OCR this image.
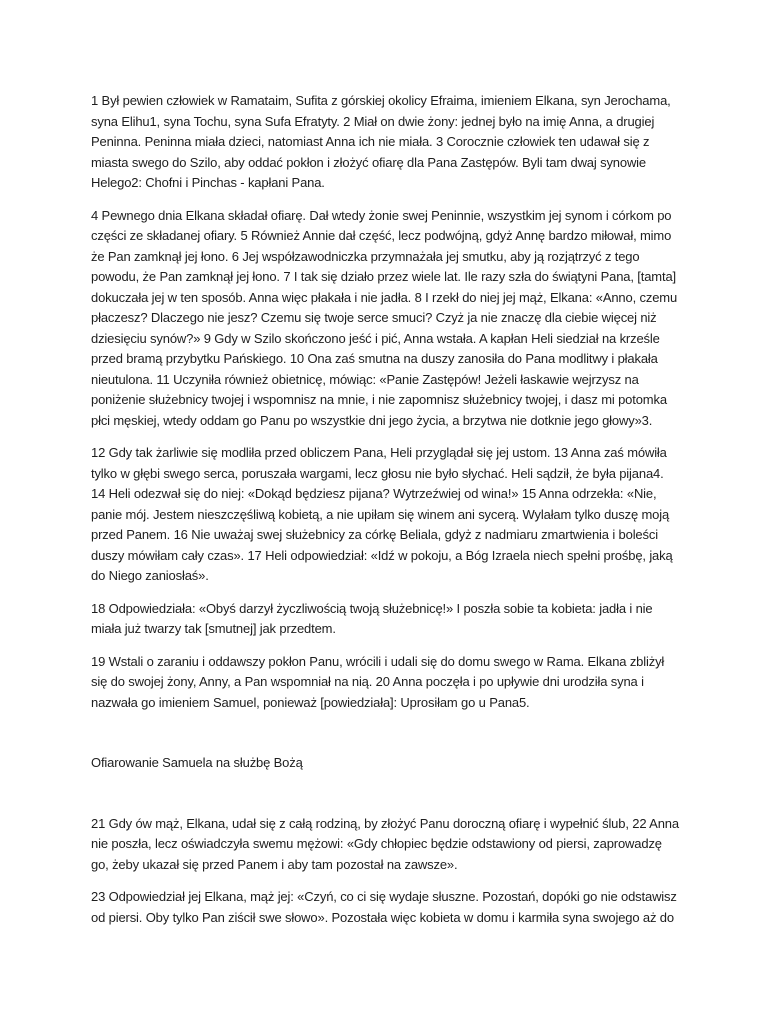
1 Był pewien człowiek w Ramataim, Sufita z górskiej okolicy Efraima, imieniem Elkana, syn Jerochama, syna Elihu1, syna Tochu, syna Sufa Efratyty. 2 Miał on dwie żony: jednej było na imię Anna, a drugiej Peninna. Peninna miała dzieci, natomiast Anna ich nie miała. 3 Corocznie człowiek ten udawał się z miasta swego do Szilo, aby oddać pokłon i złożyć ofiarę dla Pana Zastępów. Byli tam dwaj synowie Helego2: Chofni i Pinchas - kapłani Pana.

4 Pewnego dnia Elkana składał ofiarę. Dał wtedy żonie swej Peninnie, wszystkim jej synom i córkom po części ze składanej ofiary. 5 Również Annie dał część, lecz podwójną, gdyż Annę bardzo miłował, mimo że Pan zamknął jej łono. 6 Jej współzawodniczka przymnażała jej smutku, aby ją rozjątrzyć z tego powodu, że Pan zamknął jej łono. 7 I tak się działo przez wiele lat. Ile razy szła do świątyni Pana, [tamta] dokuczała jej w ten sposób. Anna więc płakała i nie jadła. 8 I rzekł do niej jej mąż, Elkana: «Anno, czemu płaczesz? Dlaczego nie jesz? Czemu się twoje serce smuci? Czyż ja nie znaczę dla ciebie więcej niż dziesięciu synów?» 9 Gdy w Szilo skończono jeść i pić, Anna wstała. A kapłan Heli siedział na krześle przed bramą przybytku Pańskiego. 10 Ona zaś smutna na duszy zanosiła do Pana modlitwy i płakała nieutulona. 11 Uczyniła również obietnicę, mówiąc: «Panie Zastępów! Jeżeli łaskawie wejrzysz na poniżenie służebnicy twojej i wspomnisz na mnie, i nie zapomnisz służebnicy twojej, i dasz mi potomka płci męskiej, wtedy oddam go Panu po wszystkie dni jego życia, a brzytwa nie dotknie jego głowy»3.

12 Gdy tak żarliwie się modliła przed obliczem Pana, Heli przyglądał się jej ustom. 13 Anna zaś mówiła tylko w głębi swego serca, poruszała wargami, lecz głosu nie było słychać. Heli sądził, że była pijana4. 14 Heli odezwał się do niej: «Dokąd będziesz pijana? Wytrzeźwiej od wina!» 15 Anna odrzekła: «Nie, panie mój. Jestem nieszczęśliwą kobietą, a nie upiłam się winem ani sycerą. Wylałam tylko duszę moją przed Panem. 16 Nie uważaj swej służebnicy za córkę Beliala, gdyż z nadmiaru zmartwienia i boleści duszy mówiłam cały czas». 17 Heli odpowiedział: «Idź w pokoju, a Bóg Izraela niech spełni prośbę, jaką do Niego zaniosłaś».

18 Odpowiedziała: «Obyś darzył życzliwością twoją służebnicę!» I poszła sobie ta kobieta: jadła i nie miała już twarzy tak [smutnej] jak przedtem.

19 Wstali o zaraniu i oddawszy pokłon Panu, wrócili i udali się do domu swego w Rama. Elkana zbliżył się do swojej żony, Anny, a Pan wspomniał na nią. 20 Anna poczęła i po upływie dni urodziła syna i nazwała go imieniem Samuel, ponieważ [powiedziała]: Uprosiłam go u Pana5.

Ofiarowanie Samuela na służbę Bożą

21 Gdy ów mąż, Elkana, udał się z całą rodziną, by złożyć Panu doroczną ofiarę i wypełnić ślub, 22 Anna nie poszła, lecz oświadczyła swemu mężowi: «Gdy chłopiec będzie odstawiony od piersi, zaprowadzę go, żeby ukazał się przed Panem i aby tam pozostał na zawsze».

23 Odpowiedział jej Elkana, mąż jej: «Czyń, co ci się wydaje słuszne. Pozostań, dopóki go nie odstawisz od piersi. Oby tylko Pan ziścił swe słowo». Pozostała więc kobieta w domu i karmiła syna swojego aż do
